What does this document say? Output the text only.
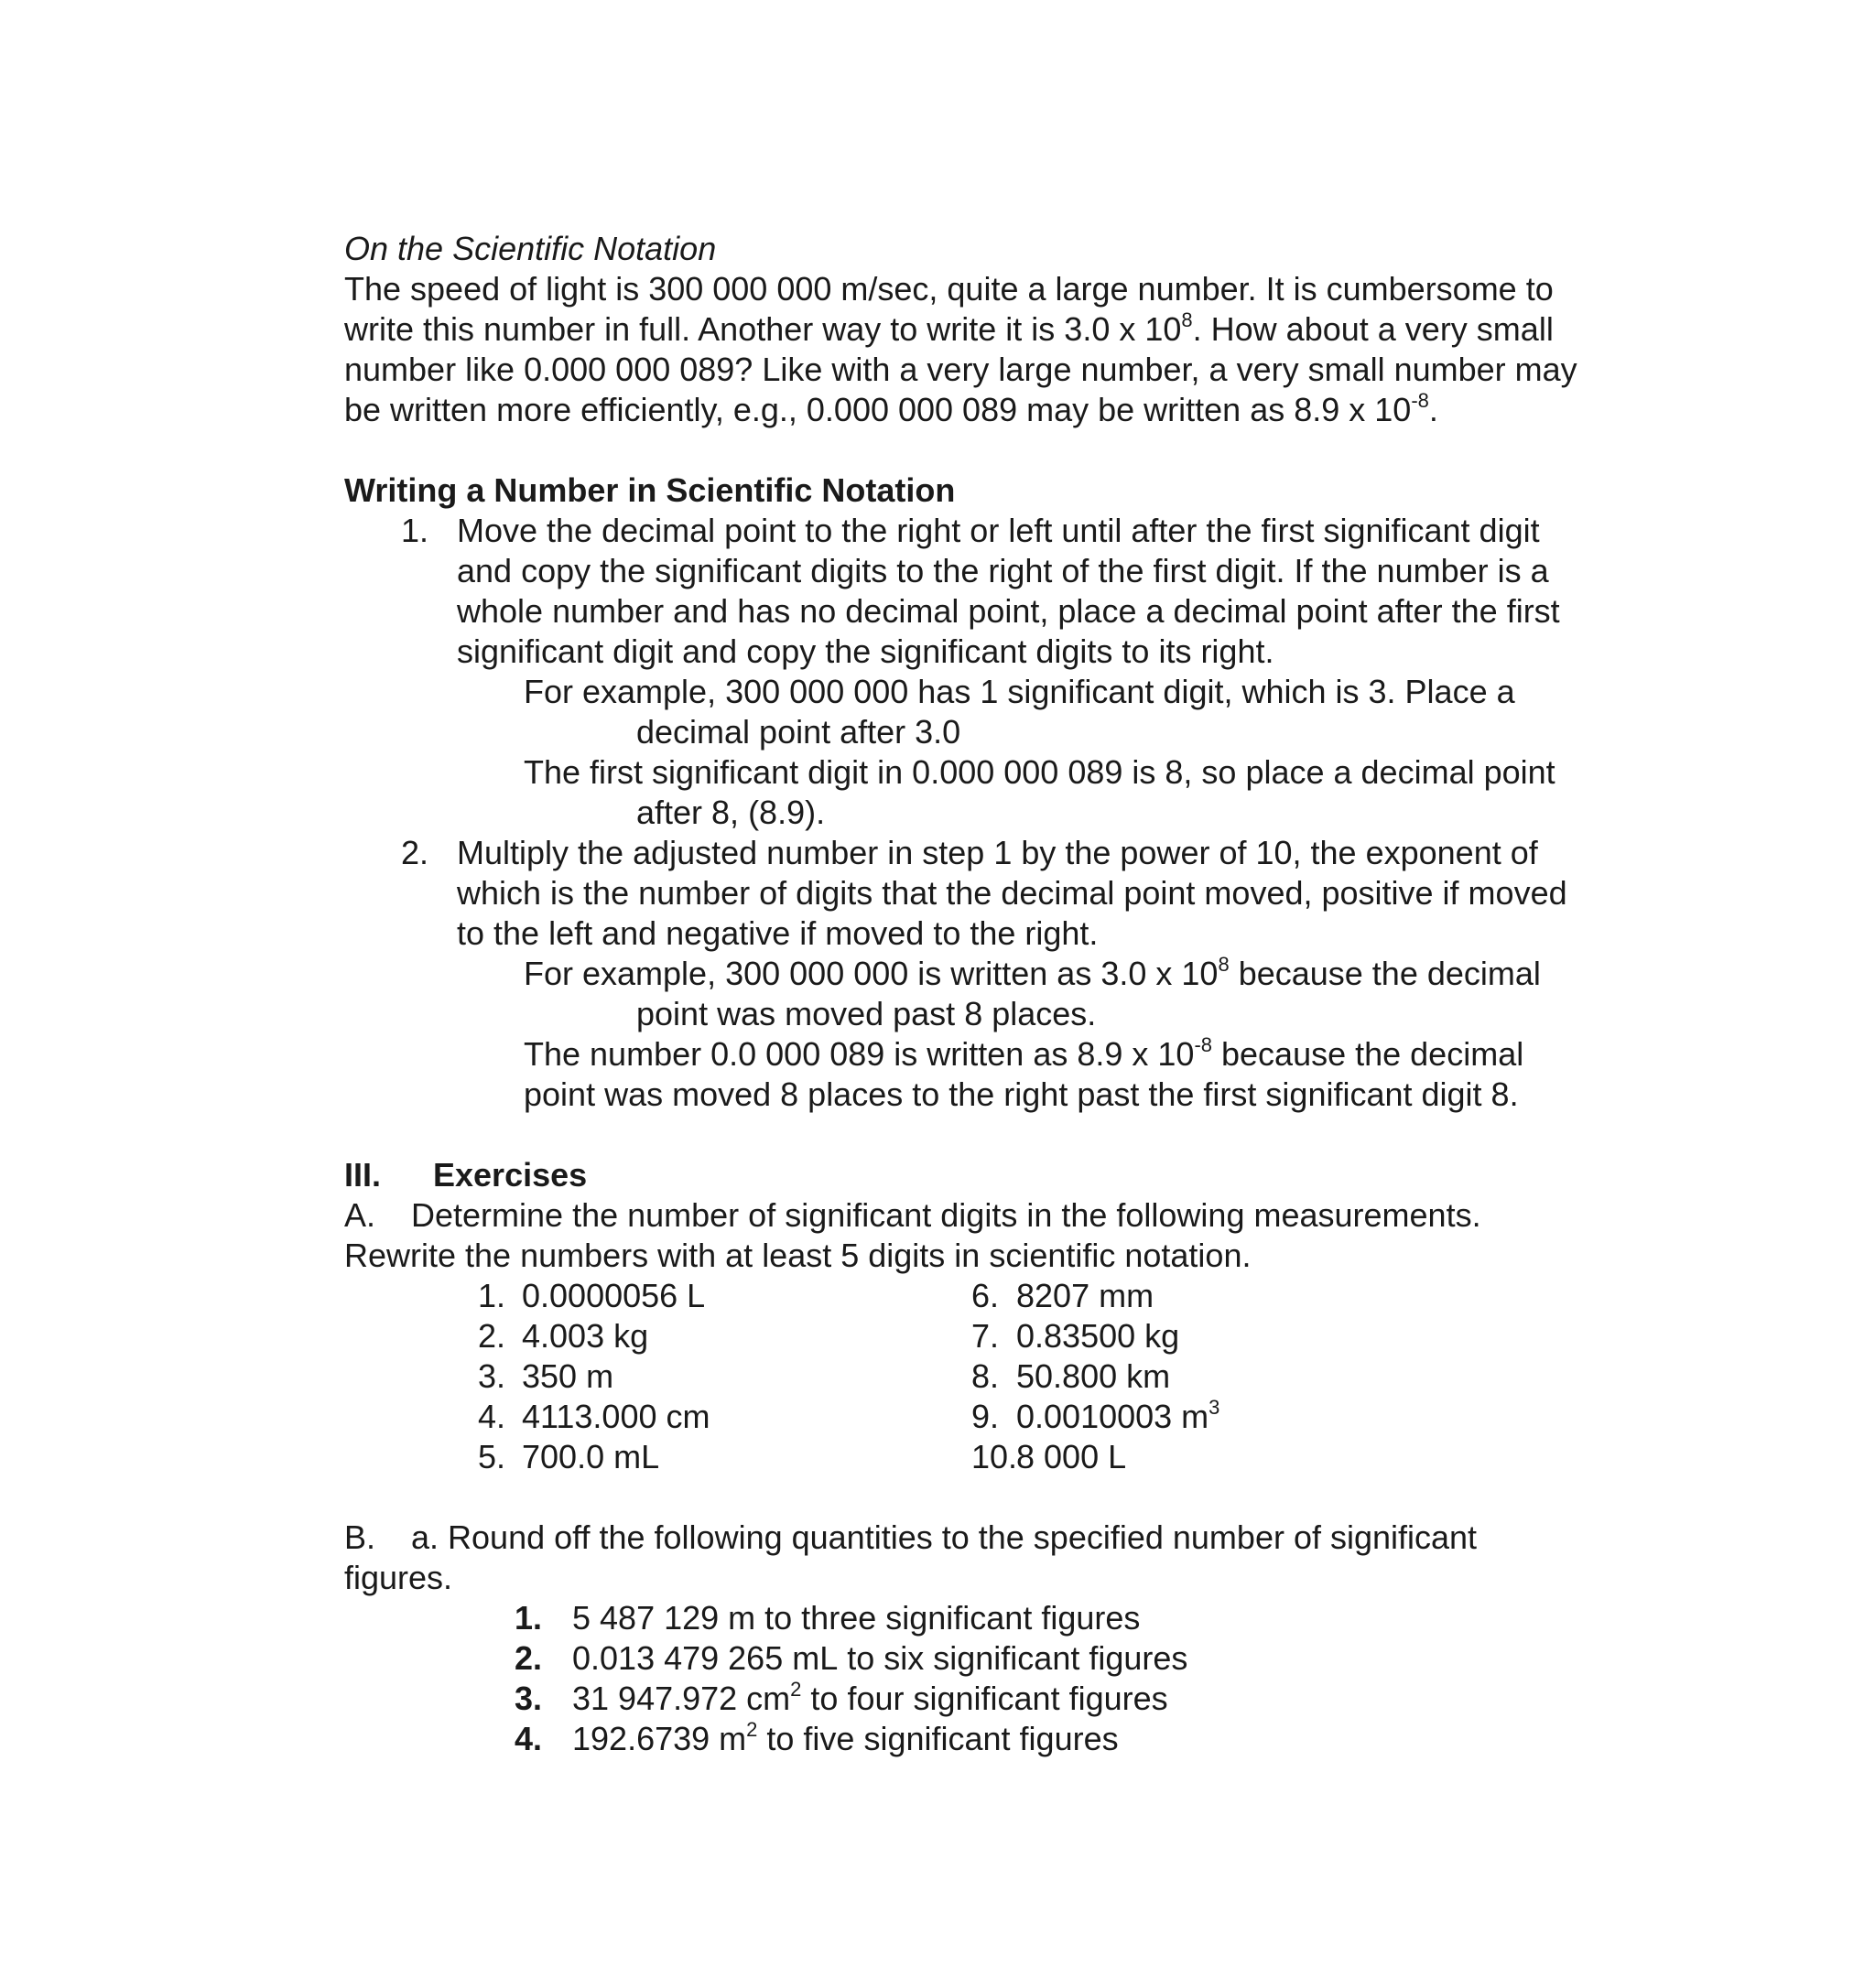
On the Scientific Notation
The speed of light is 300 000 000 m/sec, quite a large number. It is cumbersome to
write this number in full. Another way to write it is 3.0 x $10^8$. How about a very small
number like 0.000 000 089? Like with a very large number, a very small number may
be written more efficiently, e.g., 0.000 000 089 may be written as 8.9 x $10^{-8}$.
Writing a Number in Scientific Notation
1. Move the decimal point to the right or left until after the first significant digit
and copy the significant digits to the right of the first digit. If the number is a
whole number and has no decimal point, place a decimal point after the first
significant digit and copy the significant digits to its right.
For example, 300 000 000 has 1 significant digit, which is 3. Place a
decimal point after 3.0
The first significant digit in 0.000 000 089 is 8, so place a decimal point
after 8, (8.9).
2. Multiply the adjusted number in step 1 by the power of 10, the exponent of
which is the number of digits that the decimal point moved, positive if moved
to the left and negative if moved to the right.
For example, 300 000 000 is written as 3.0 x $10^8$ because the decimal
point was moved past 8 places.
The number 0.0 000 089 is written as 8.9 x $10^{-8}$ because the decimal
point was moved 8 places to the right past the first significant digit 8.
III. Exercises
A. Determine the number of significant digits in the following measurements.
Rewrite the numbers with at least 5 digits in scientific notation.
1. 0.0000056 L
2. 4.003 kg
3. 350 m
4. 4113.000 cm
5. 700.0 mL
6. 8207 mm
7. 0.83500 kg
8. 50.800 km
9. 0.0010003 $m^3$
10.
8 000 L
B. a. Round off the following quantities to the specified number of significant
figures.
1. 5 487 129 m to three significant figures
2. 0.013 479 265 mL to six significant figures
3. 31 947.972 $cm^2$ to four significant figures
4. 192.6739 $m^2$ to five significant figures
